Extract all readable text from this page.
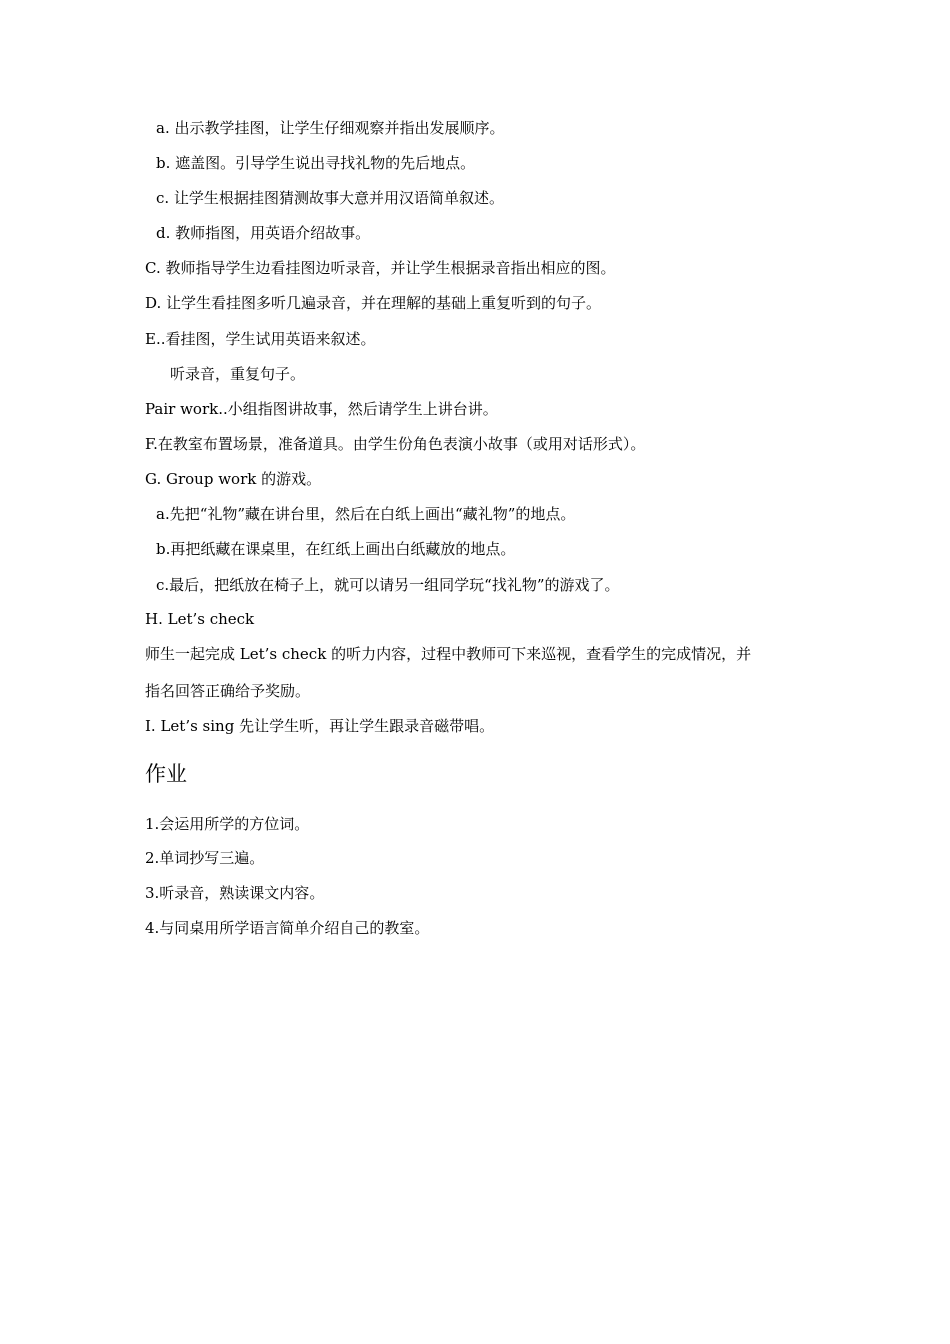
a. 出示教学挂图，让学生仔细观察并指出发展顺序。
b. 遮盖图。引导学生说出寻找礼物的先后地点。
c. 让学生根据挂图猜测故事大意并用汉语简单叙述。
d. 教师指图，用英语介绍故事。
C. 教师指导学生边看挂图边听录音，并让学生根据录音指出相应的图。
D. 让学生看挂图多听几遍录音，并在理解的基础上重复听到的句子。
E..看挂图，学生试用英语来叙述。
听录音，重复句子。
Pair work..小组指图讲故事，然后请学生上讲台讲。
F.在教室布置场景，准备道具。由学生份角色表演小故事（或用对话形式）。
G. Group work 的游戏。
a.先把“礼物”藏在讲台里，然后在白纸上画出“藏礼物”的地点。
b.再把纸藏在课桌里，在红纸上画出白纸藏放的地点。
c.最后，把纸放在椅子上，就可以请另一组同学玩“找礼物”的游戏了。
H. Let’s check
师生一起完成 Let’s check 的听力内容，过程中教师可下来巡视，查看学生的完成情况，并
指名回答正确给予奖励。
I. Let’s sing 先让学生听，再让学生跟录音磁带唱。
作业
1.会运用所学的方位词。
2.单词抄写三遍。
3.听录音，熟读课文内容。
4.与同桌用所学语言简单介绍自己的教室。
